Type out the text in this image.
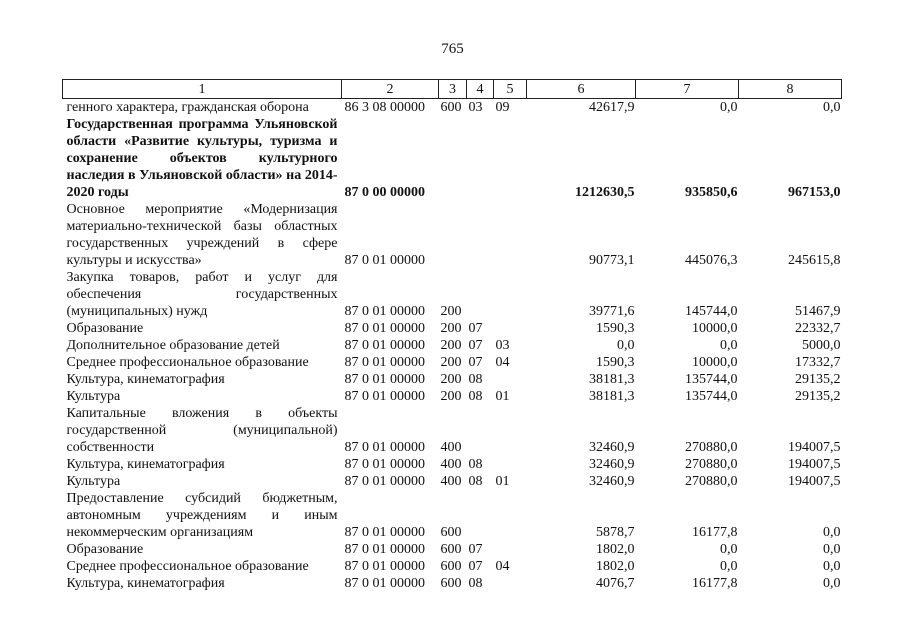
765
1	2	3	4	5	6	7	8
генного характера, гражданская оборона	86 3 08 00000	600	03	09	42617,9	0,0	0,0
Государственная программа Ульяновской области «Развитие культуры, туризма и сохранение объектов культурного наследия в Ульяновской области» на 2014-2020 годы	87 0 00 00000				1212630,5	935850,6	967153,0
Основное мероприятие «Модернизация материально-технической базы областных государственных учреждений в сфере культуры и искусства»	87 0 01 00000				90773,1	445076,3	245615,8
Закупка товаров, работ и услуг для обеспечения государственных (муниципальных) нужд	87 0 01 00000	200			39771,6	145744,0	51467,9
Образование	87 0 01 00000	200	07		1590,3	10000,0	22332,7
Дополнительное образование детей	87 0 01 00000	200	07	03	0,0	0,0	5000,0
Среднее профессиональное образование	87 0 01 00000	200	07	04	1590,3	10000,0	17332,7
Культура, кинематография	87 0 01 00000	200	08		38181,3	135744,0	29135,2
Культура	87 0 01 00000	200	08	01	38181,3	135744,0	29135,2
Капитальные вложения в объекты государственной (муниципальной) собственности	87 0 01 00000	400			32460,9	270880,0	194007,5
Культура, кинематография	87 0 01 00000	400	08		32460,9	270880,0	194007,5
Культура	87 0 01 00000	400	08	01	32460,9	270880,0	194007,5
Предоставление субсидий бюджетным, автономным учреждениям и иным некоммерческим организациям	87 0 01 00000	600			5878,7	16177,8	0,0
Образование	87 0 01 00000	600	07		1802,0	0,0	0,0
Среднее профессиональное образование	87 0 01 00000	600	07	04	1802,0	0,0	0,0
Культура, кинематография	87 0 01 00000	600	08		4076,7	16177,8	0,0
